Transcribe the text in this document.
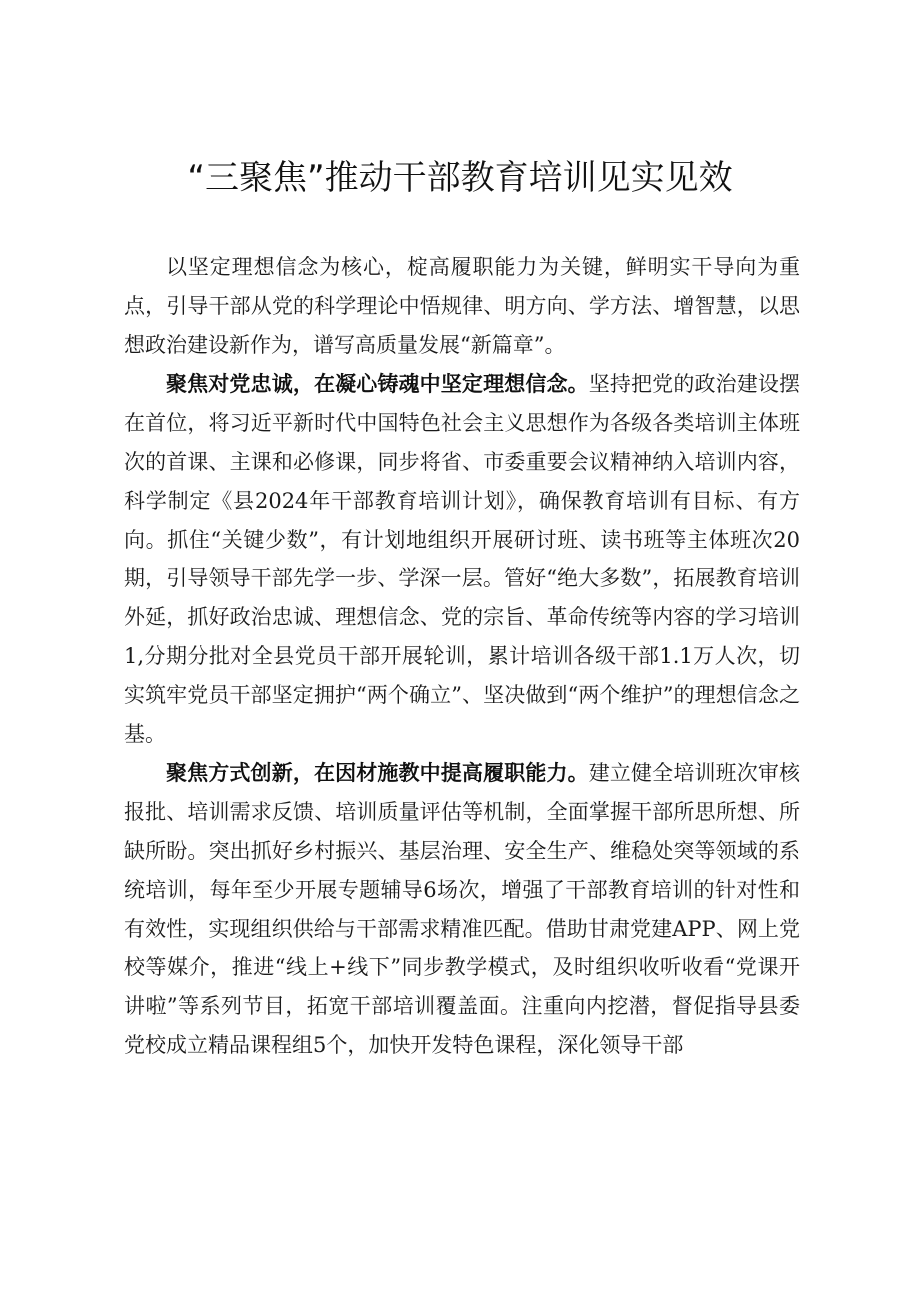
“三聚焦”推动干部教育培训见实见效

以坚定理想信念为核心，椗高履职能力为关键，鲜明实干导向为重点，引导干部从党的科学理论中悟规律、明方向、学方法、增智慧，以思想政治建设新作为，谱写高质量发展“新篇章”。

聚焦对党忠诚，在凝心铸魂中坚定理想信念。坚持把党的政治建设摆在首位，将习近平新时代中国特色社会主义思想作为各级各类培训主体班次的首课、主课和必修课，同步将省、市委重要会议精神纳入培训内容，科学制定《县2024年干部教育培训计划》，确保教育培训有目标、有方向。抓住“关键少数”，有计划地组织开展研讨班、读书班等主体班次20期，引导领导干部先学一步、学深一层。管好“绝大多数”，拓展教育培训外延，抓好政治忠诚、理想信念、党的宗旨、革命传统等内容的学习培训1,分期分批对全县党员干部开展轮训，累计培训各级干部1.1万人次，切实筑牢党员干部坚定拥护“两个确立”、坚决做到“两个维护”的理想信念之基。

聚焦方式创新，在因材施教中提高履职能力。建立健全培训班次审核报批、培训需求反馈、培训质量评估等机制，全面掌握干部所思所想、所缺所盼。突出抓好乡村振兴、基层治理、安全生产、维稳处突等领域的系统培训，每年至少开展专题辅导6场次，增强了干部教育培训的针对性和有效性，实现组织供给与干部需求精准匹配。借助甘肃党建APP、网上党校等媒介，推进“线上+线下”同步教学模式，及时组织收听收看“党课开讲啦”等系列节目，拓宽干部培训覆盖面。注重向内挖潜，督促指导县委党校成立精品课程组5个，加快开发特色课程，深化领导干部
